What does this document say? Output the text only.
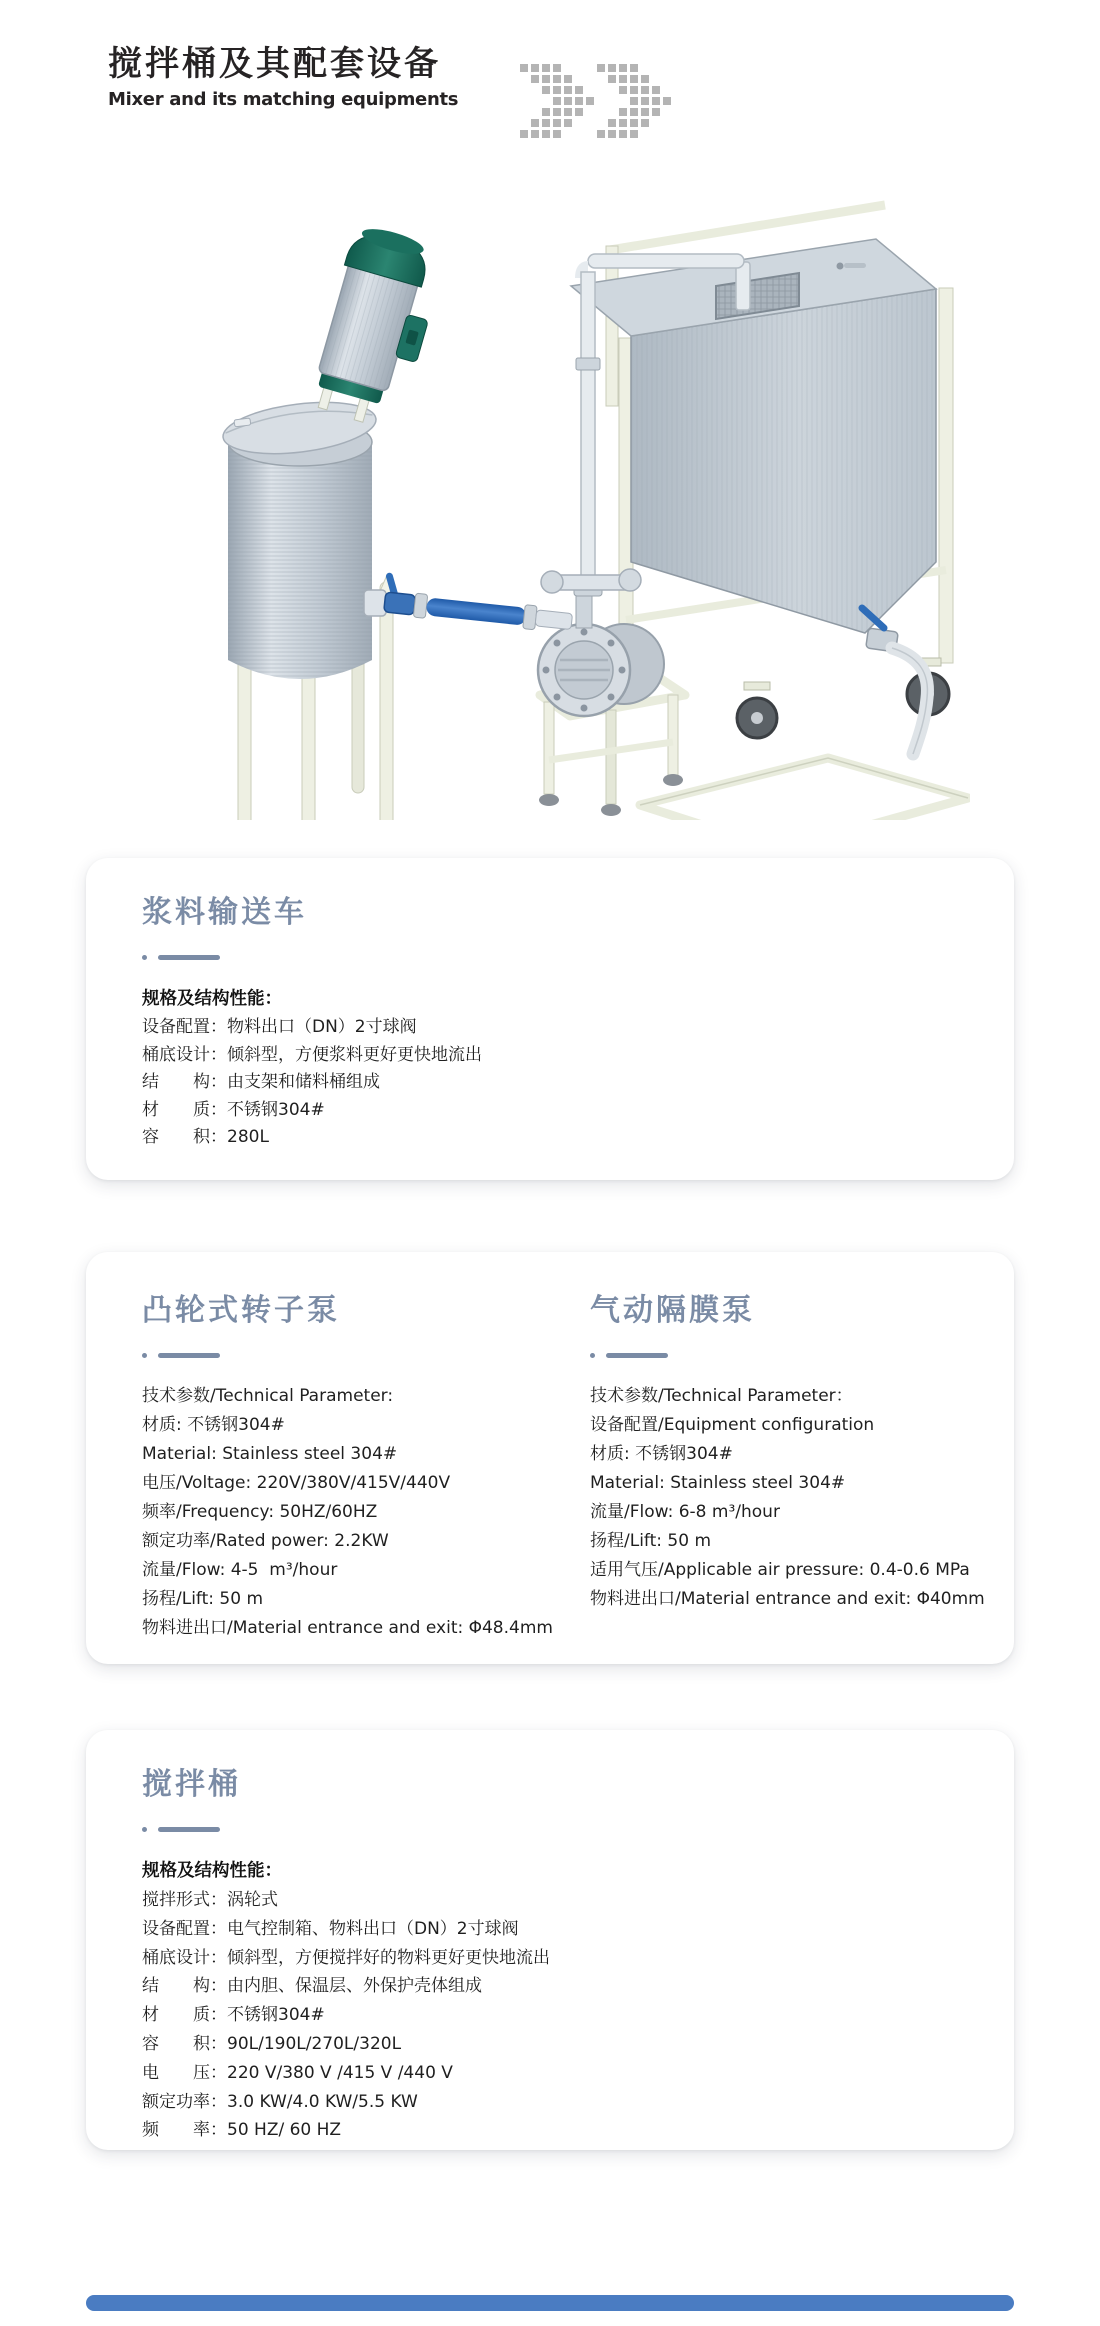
搅拌桶及其配套设备
Mixer and its matching equipments
浆料输送车
规格及结构性能：
设备配置：物料出口（DN）2寸球阀
桶底设计：倾斜型，方便浆料更好更快地流出
结　　构：由支架和储料桶组成
材　　质：不锈钢304#
容　　积：280L
凸轮式转子泵
技术参数/Technical Parameter:
材质: 不锈钢304#
Material: Stainless steel 304#
电压/Voltage: 220V/380V/415V/440V
频率/Frequency: 50HZ/60HZ
额定功率/Rated power: 2.2KW
流量/Flow: 4-5  m³/hour
扬程/Lift: 50 m
物料进出口/Material entrance and exit: Φ48.4mm
气动隔膜泵
技术参数/Technical Parameter：
设备配置/Equipment configuration
材质: 不锈钢304#
Material: Stainless steel 304#
流量/Flow: 6-8 m³/hour
扬程/Lift: 50 m
适用气压/Applicable air pressure: 0.4-0.6 MPa
物料进出口/Material entrance and exit: Φ40mm
搅拌桶
规格及结构性能：
搅拌形式：涡轮式
设备配置：电气控制箱、物料出口（DN）2寸球阀
桶底设计：倾斜型，方便搅拌好的物料更好更快地流出
结　　构：由内胆、保温层、外保护壳体组成
材　　质：不锈钢304#
容　　积：90L/190L/270L/320L
电　　压：220 V/380 V /415 V /440 V
额定功率：3.0 KW/4.0 KW/5.5 KW
频　　率：50 HZ/ 60 HZ
